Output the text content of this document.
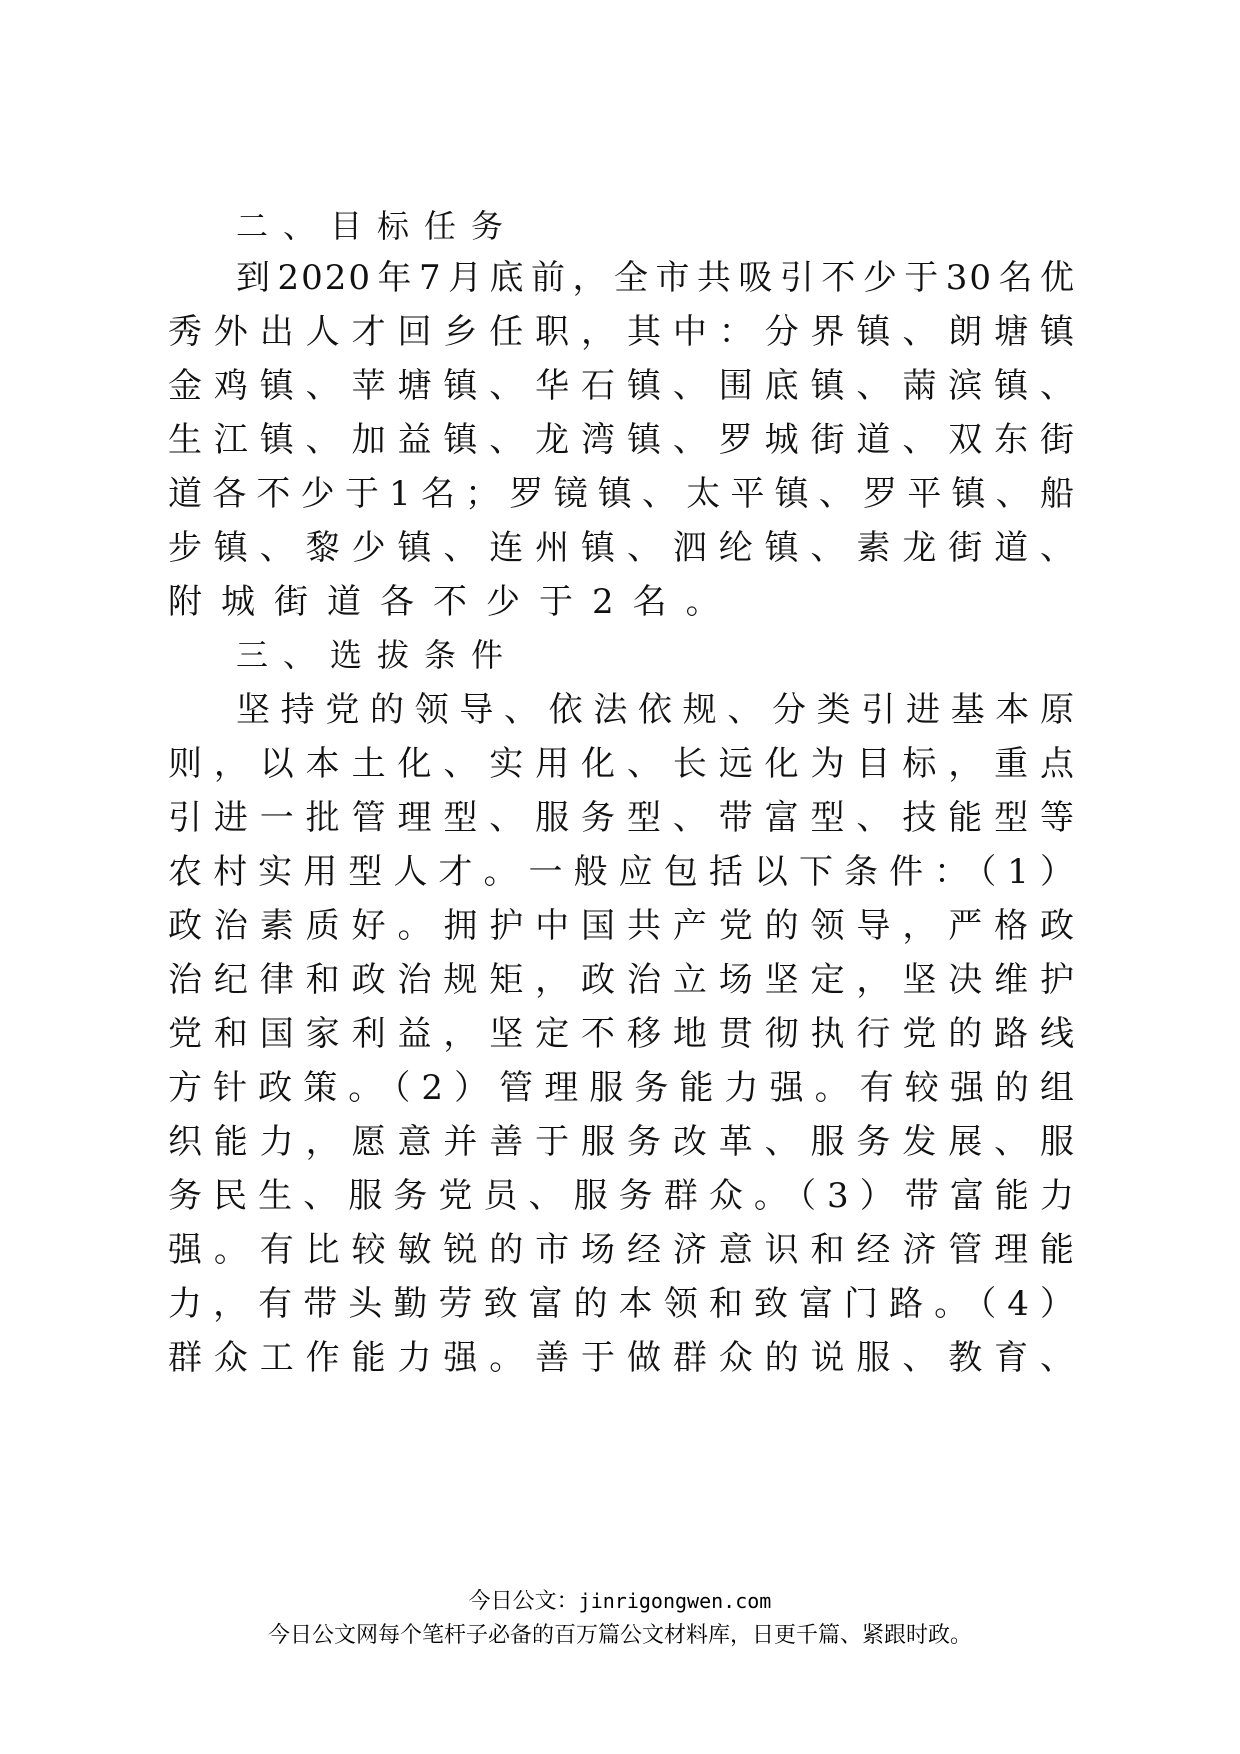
二、目标任务
到2020年7月底前，全市共吸引不少于30名优
秀外出人才回乡任职，其中：分界镇、朗塘镇
金鸡镇、苹塘镇、华石镇、围底镇、䓣滨镇、
生江镇、加益镇、龙湾镇、罗城街道、双东街
道各不少于1名；罗镜镇、太平镇、罗平镇、船
步镇、黎少镇、连州镇、泗纶镇、素龙街道、
附城街道各不少于2名。
三、选拔条件
坚持党的领导、依法依规、分类引进基本原
则，以本土化、实用化、长远化为目标，重点
引进一批管理型、服务型、带富型、技能型等
农村实用型人才。一般应包括以下条件：（1）
政治素质好。拥护中国共产党的领导，严格政
治纪律和政治规矩，政治立场坚定，坚决维护
党和国家利益，坚定不移地贯彻执行党的路线
方针政策。（2）管理服务能力强。有较强的组
织能力，愿意并善于服务改革、服务发展、服
务民生、服务党员、服务群众。（3）带富能力
强。有比较敏锐的市场经济意识和经济管理能
力，有带头勤劳致富的本领和致富门路。（4）
群众工作能力强。善于做群众的说服、教育、
今日公文：jinrigongwen.com
今日公文网每个笔杆子必备的百万篇公文材料库，日更千篇、紧跟时政。
